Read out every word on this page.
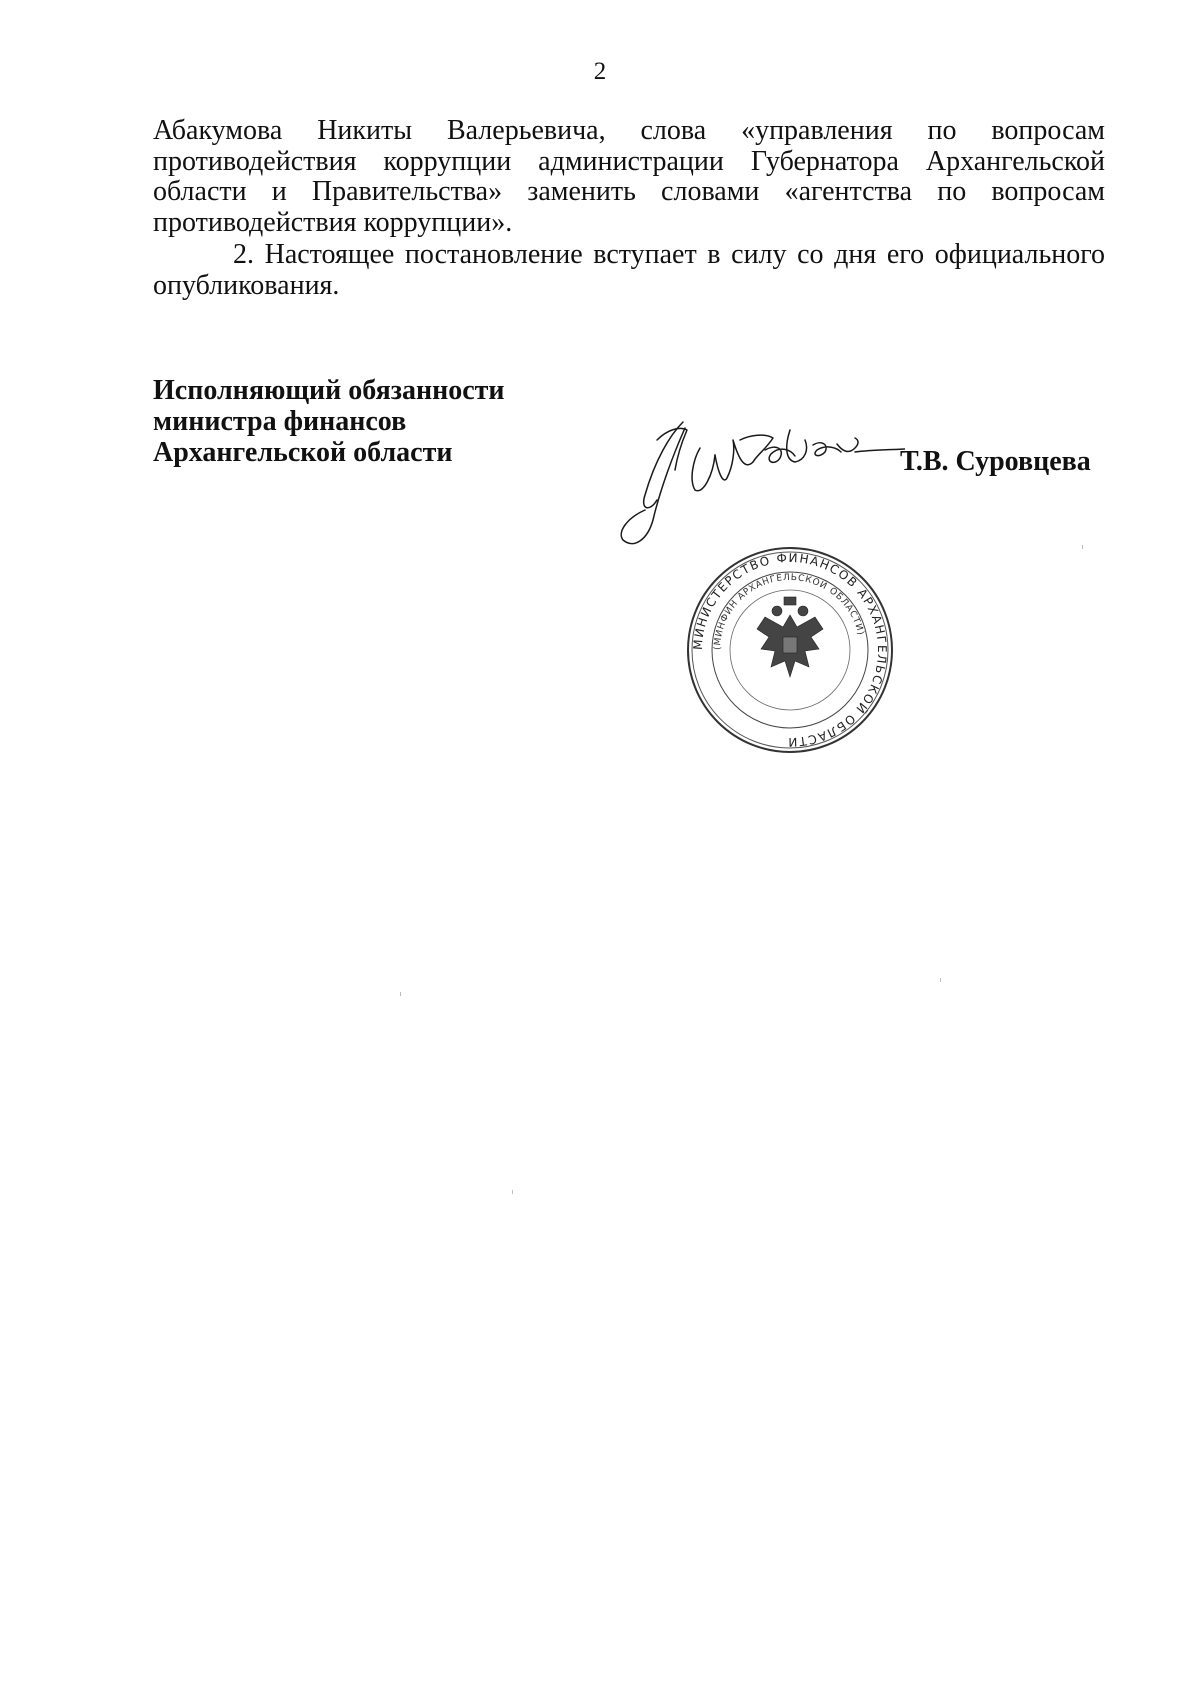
2

Абакумова Никиты Валерьевича, слова «управления по вопросам противодействия коррупции администрации Губернатора Архангельской области и Правительства» заменить словами «агентства по вопросам противодействия коррупции».

2. Настоящее постановление вступает в силу со дня его официального опубликования.

Исполняющий обязанности
министра финансов
Архангельской области	Т.В. Суровцева
МИНИСТЕРСТВО ФИНАНСОВ АРХАНГЕЛЬСКОЙ ОБЛАСТИ
(МИНФИН АРХАНГЕЛЬСКОЙ ОБЛАСТИ)
